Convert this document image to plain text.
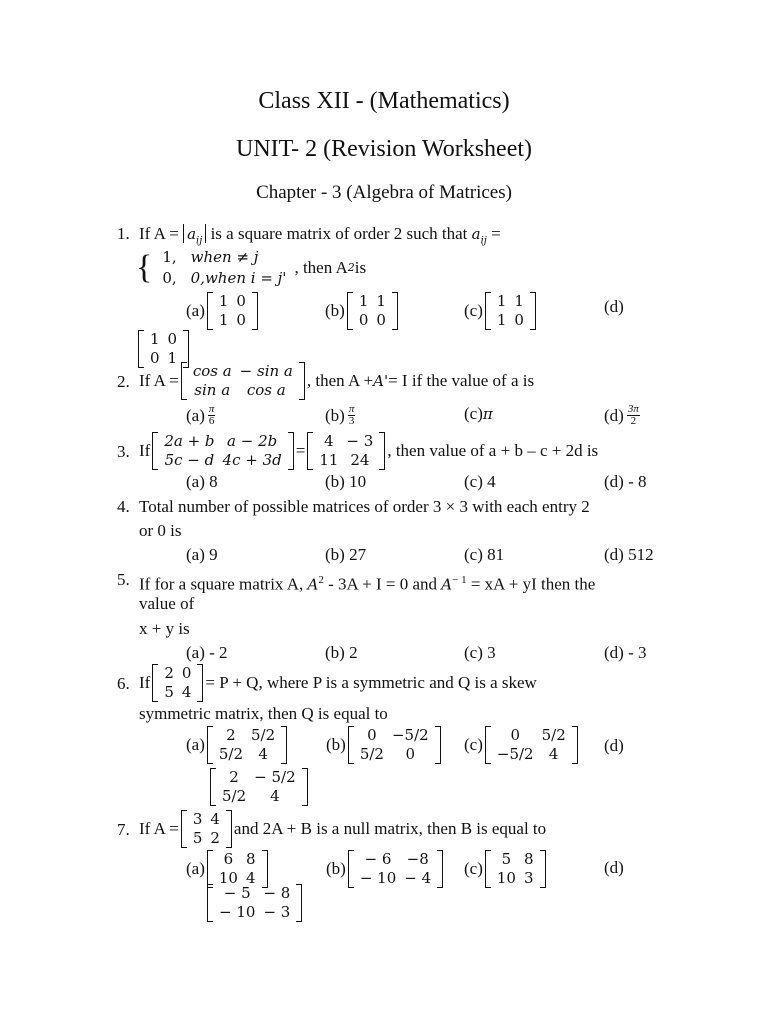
Class XII - (Mathematics)
UNIT- 2 (Revision Worksheet)
Chapter - 3 (Algebra of Matrices)
1. If $A = a_{ij}$ is a square matrix of order 2 such that $a_{ij}$ =
{ 1,	when ≠ j
0,	0,when i = j'
, then A 2 is
(a) 1	0
1	0	(b) 1	1
0	0	(c) 1	1
1	0
(d)
1	0
0	1
2. If A = cos a	− sin a
sin a	cos a , then A + A' = I if the value of a is
$(a) \frac{\pi}{6}$	$(b) \frac{\pi}{3}$	(c) π	$(d) \frac{3\pi}{2}$
3. If 2a + b	a − 2b
5c − d	4c + 3d = 4	− 3
11	24 , then value of a + b – c + 2d is
(a) 8	(b) 10	(c) 4	(d) - 8
4. Total number of possible matrices of order 3 × 3 with each entry 2
or 0 is
(a) 9	(b) 27	(c) 81	(d) 512
5. If for a square matrix A, $A^2 - 3A + I = 0$ and $A^{- 1}$ = xA + yI then the
value of
x + y is
(a) - 2	(b) 2	(c) 3	(d) - 3
6. If 2	0
5	4 = P + Q, where P is a symmetric and Q is a skew
symmetric matrix, then Q is equal to
(a) 2	5/2
5/2	4	(b) 0	−5/2
5/2	0	(c) 0	5/2
−5/2	4	(d)
2	− 5/2
5/2	4
7. If A = 3	4
5	2 and 2A + B is a null matrix, then B is equal to
(a) 6	8
10	4	(b) − 6	−8
− 10	− 4 (c) 5	8
10	3
(d)
− 5	− 8
− 10	− 3
